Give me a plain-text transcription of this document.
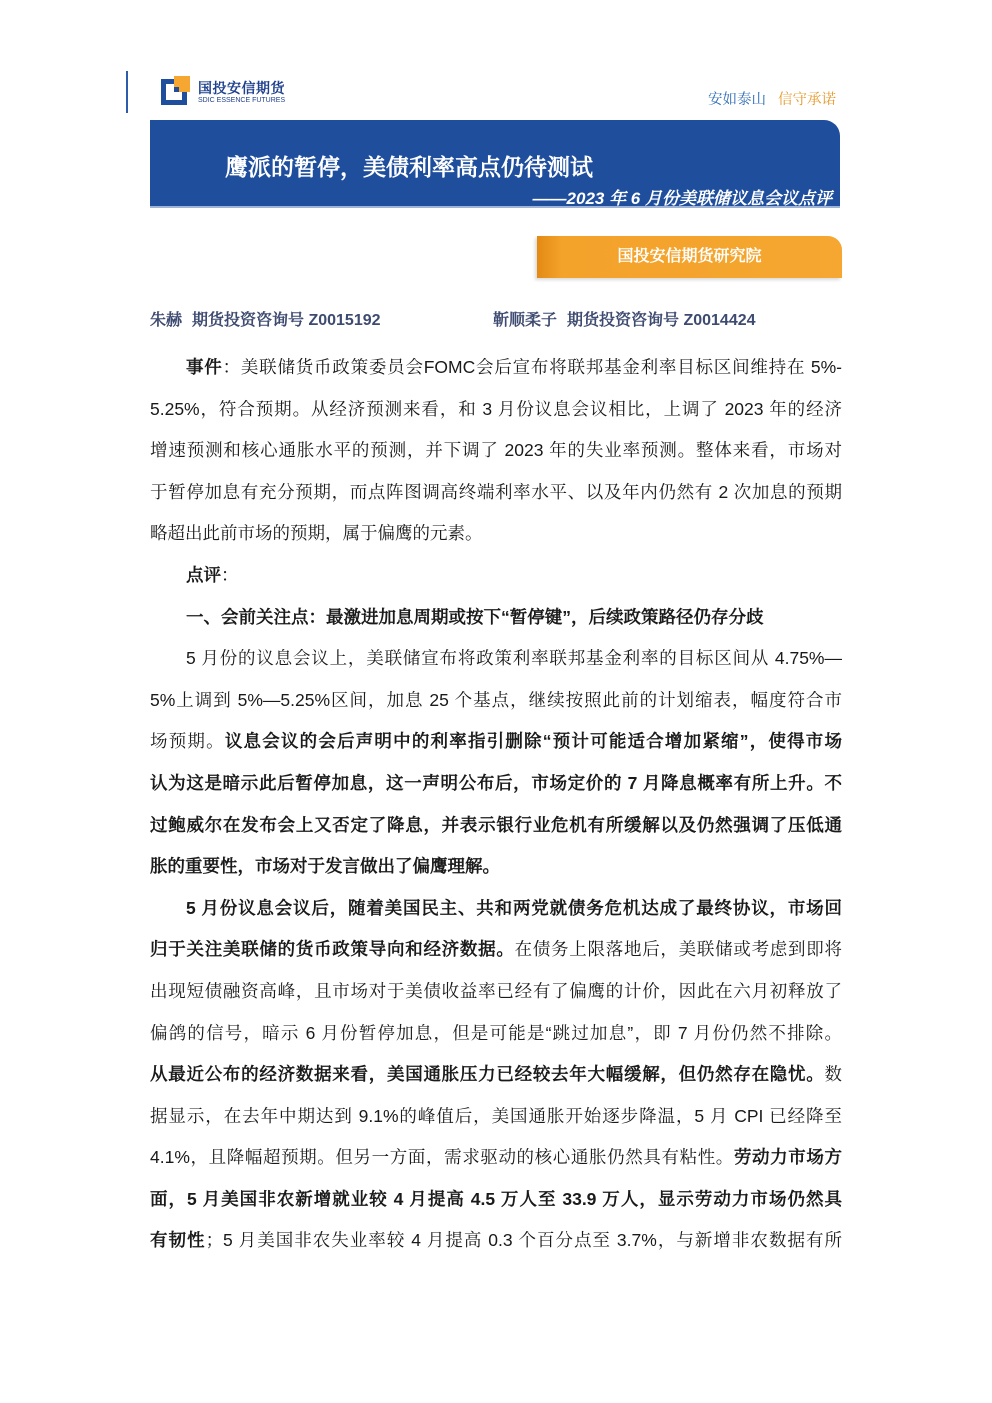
国投安信期货
SDIC ESSENCE FUTURES	安如泰山 信守承诺
鹰派的暂停，美债利率高点仍待测试
——2023 年 6 月份美联储议息会议点评
国投安信期货研究院
朱赫 期货投资咨询号 Z0015192	靳顺柔子 期货投资咨询号 Z0014424
事件：美联储货币政策委员会FOMC会后宣布将联邦基金利率目标区间维持在 5%-
5.25%，符合预期。从经济预测来看，和 3 月份议息会议相比，上调了 2023 年的经济
增速预测和核心通胀水平的预测，并下调了 2023 年的失业率预测。整体来看，市场对
于暂停加息有充分预期，而点阵图调高终端利率水平、以及年内仍然有 2 次加息的预期
略超出此前市场的预期，属于偏鹰的元素。
点评：
一、会前关注点：最激进加息周期或按下“暂停键”，后续政策路径仍存分歧
5 月份的议息会议上，美联储宣布将政策利率联邦基金利率的目标区间从 4.75%—
5%上调到 5%—5.25%区间，加息 25 个基点，继续按照此前的计划缩表，幅度符合市
场预期。议息会议的会后声明中的利率指引删除“预计可能适合增加紧缩”，使得市场
认为这是暗示此后暂停加息，这一声明公布后，市场定价的 7 月降息概率有所上升。不
过鲍威尔在发布会上又否定了降息，并表示银行业危机有所缓解以及仍然强调了压低通
胀的重要性，市场对于发言做出了偏鹰理解。
5 月份议息会议后，随着美国民主、共和两党就债务危机达成了最终协议，市场回
归于关注美联储的货币政策导向和经济数据。在债务上限落地后，美联储或考虑到即将
出现短债融资高峰，且市场对于美债收益率已经有了偏鹰的计价，因此在六月初释放了
偏鸽的信号，暗示 6 月份暂停加息，但是可能是“跳过加息”，即 7 月份仍然不排除。
从最近公布的经济数据来看，美国通胀压力已经较去年大幅缓解，但仍然存在隐忧。数
据显示，在去年中期达到 9.1%的峰值后，美国通胀开始逐步降温，5 月 CPI 已经降至
4.1%，且降幅超预期。但另一方面，需求驱动的核心通胀仍然具有粘性。劳动力市场方
面，5 月美国非农新增就业较 4 月提高 4.5 万人至 33.9 万人，显示劳动力市场仍然具
有韧性；5 月美国非农失业率较 4 月提高 0.3 个百分点至 3.7%，与新增非农数据有所
